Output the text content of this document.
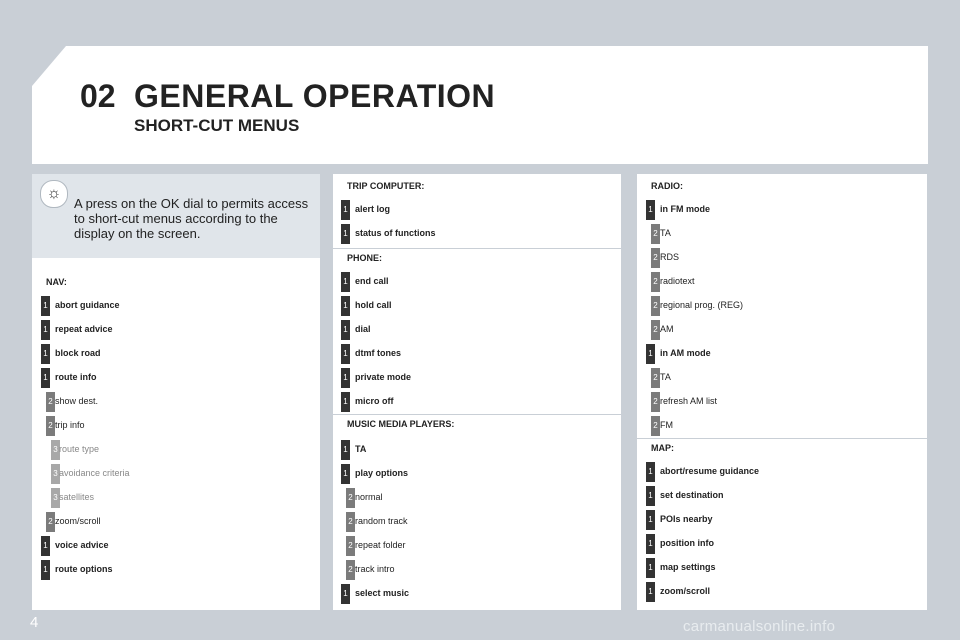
02 GENERAL OPERATION
SHORT-CUT MENUS
☼
A press on the OK dial to permits access to short-cut menus according to the display on the screen.
NAV:
1 abort guidance
1 repeat advice
1 block road
1 route info
2 show dest.
2 trip info
3 route type
3 avoidance criteria
3 satellites
2 zoom/scroll
1 voice advice
1 route options
TRIP COMPUTER:
1 alert log
1 status of functions
PHONE:
1 end call
1 hold call
1 dial
1 dtmf tones
1 private mode
1 micro off
MUSIC MEDIA PLAYERS:
1 TA
1 play options
2 normal
2 random track
2 repeat folder
2 track intro
1 select music
RADIO:
1 in FM mode
2 TA
2 RDS
2 radiotext
2 regional prog. (REG)
2 AM
1 in AM mode
2 TA
2 refresh AM list
2 FM
MAP:
1 abort/resume guidance
1 set destination
1 POIs nearby
1 position info
1 map settings
1 zoom/scroll
4	carmanualsonline.info
